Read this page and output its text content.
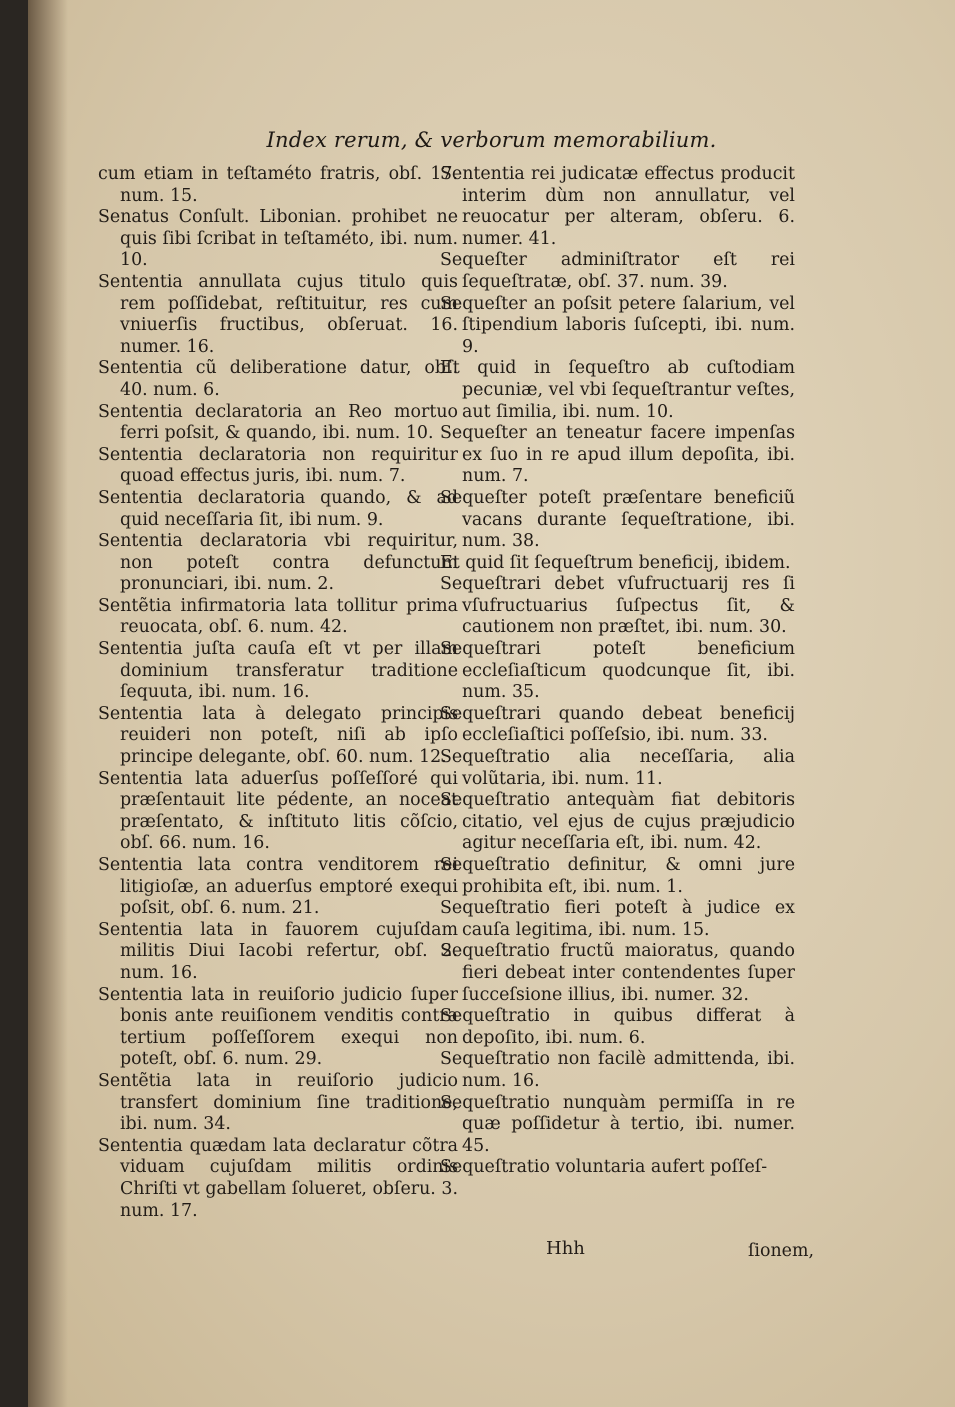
Index rerum, & verborum memorabilium.

cum etiam in teſtaméto fratris, obſ. 17. num. 15.

Senatus Conſult. Libonian. prohibet ne quis ſibi ſcribat in teſtaméto, ibi. num. 10.

Sententia annullata cujus titulo quis rem poſſidebat, reſtituitur, res cum vniuerſis fructibus, obſeruat. 16. numer. 16.

Sententia cũ deliberatione datur, obſ. 40. num. 6.

Sententia declaratoria an Reo mortuo ferri poſsit, & quando, ibi. num. 10.

Sententia declaratoria non requiritur quoad effectus juris, ibi. num. 7.

Sententia declaratoria quando, & ad quid neceſſaria ſit, ibi num. 9.

Sententia declaratoria vbi requiritur, non poteſt contra defunctum pronunciari, ibi. num. 2.

Sentẽtia infirmatoria lata tollitur prima reuocata, obſ. 6. num. 42.

Sententia juſta cauſa eſt vt per illam dominium transferatur traditione ſequuta, ibi. num. 16.

Sententia lata à delegato principis reuideri non poteſt, niſi ab ipſo principe delegante, obſ. 60. num. 12.

Sententia lata aduerſus poſſeſſoré qui præſentauit lite pédente, an noceat præſentato, & inſtituto litis cõſcio, obſ. 66. num. 16.

Sententia lata contra venditorem rei litigioſæ, an aduerſus emptoré exequi poſsit, obſ. 6. num. 21.

Sententia lata in fauorem cujuſdam militis Diui Iacobi refertur, obſ. 2. num. 16.

Sententia lata in reuiſorio judicio ſuper bonis ante reuiſionem venditis contra tertium poſſeſſorem exequi non poteſt, obſ. 6. num. 29.

Sentẽtia lata in reuiſorio judicio transfert dominium ſine traditione, ibi. num. 34.

Sententia quædam lata declaratur cõtra viduam cujuſdam militis ordinis Chriſti vt gabellam ſolueret, obſeru. 3. num. 17.

Sententia rei judicatæ effectus producit interim dùm non annullatur, vel reuocatur per alteram, obſeru. 6. numer. 41.

Sequeſter adminiſtrator eſt rei ſequeſtratæ, obſ. 37. num. 39.

Sequeſter an poſsit petere ſalarium, vel ſtipendium laboris ſuſcepti, ibi. num. 9.

Et quid in ſequeſtro ab cuſtodiam pecuniæ, vel vbi ſequeſtrantur veſtes, aut ſimilia, ibi. num. 10.

Sequeſter an teneatur facere impenſas ex ſuo in re apud illum depoſita, ibi. num. 7.

Sequeſter poteſt præſentare beneficiũ vacans durante ſequeſtratione, ibi. num. 38.

Et quid ſit ſequeſtrum beneficij, ibidem.

Sequeſtrari debet vſufructuarij res ſi vſufructuarius ſuſpectus ſit, & cautionem non præſtet, ibi. num. 30.

Sequeſtrari poteſt beneficium eccleſiaſticum quodcunque ſit, ibi. num. 35.

Sequeſtrari quando debeat beneficij eccleſiaſtici poſſeſsio, ibi. num. 33.

Sequeſtratio alia neceſſaria, alia volũtaria, ibi. num. 11.

Sequeſtratio antequàm fiat debitoris citatio, vel ejus de cujus præjudicio agitur neceſſaria eſt, ibi. num. 42.

Sequeſtratio definitur, & omni jure prohibita eſt, ibi. num. 1.

Sequeſtratio fieri poteſt à judice ex cauſa legitima, ibi. num. 15.

Sequeſtratio fructũ maioratus, quando fieri debeat inter contendentes ſuper ſucceſsione illius, ibi. numer. 32.

Sequeſtratio in quibus differat à depoſito, ibi. num. 6.

Sequeſtratio non facilè admittenda, ibi. num. 16.

Sequeſtratio nunquàm permiſſa in re quæ poſſidetur à tertio, ibi. numer. 45.

Sequeſtratio voluntaria aufert poſſeſ-

Hhh	ſionem,
